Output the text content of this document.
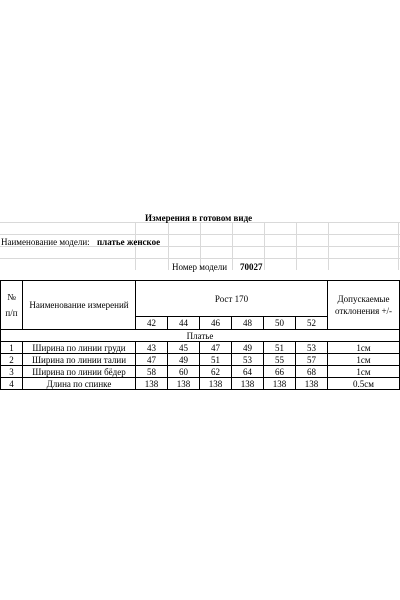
Измерения в готовом виде
Наименование модели: платье женское
Номер модели 70027
№ п/п	Наименование измерений	Рост 170						Допускаемые отклонения +/-
		42	44	46	48	50	52	
Платье								
1	Ширина по линии груди	43	45	47	49	51	53	1см
2	Ширина по линии талии	47	49	51	53	55	57	1см
3	Ширина по линии бёдер	58	60	62	64	66	68	1см
4	Длина по спинке	138	138	138	138	138	138	0.5см
